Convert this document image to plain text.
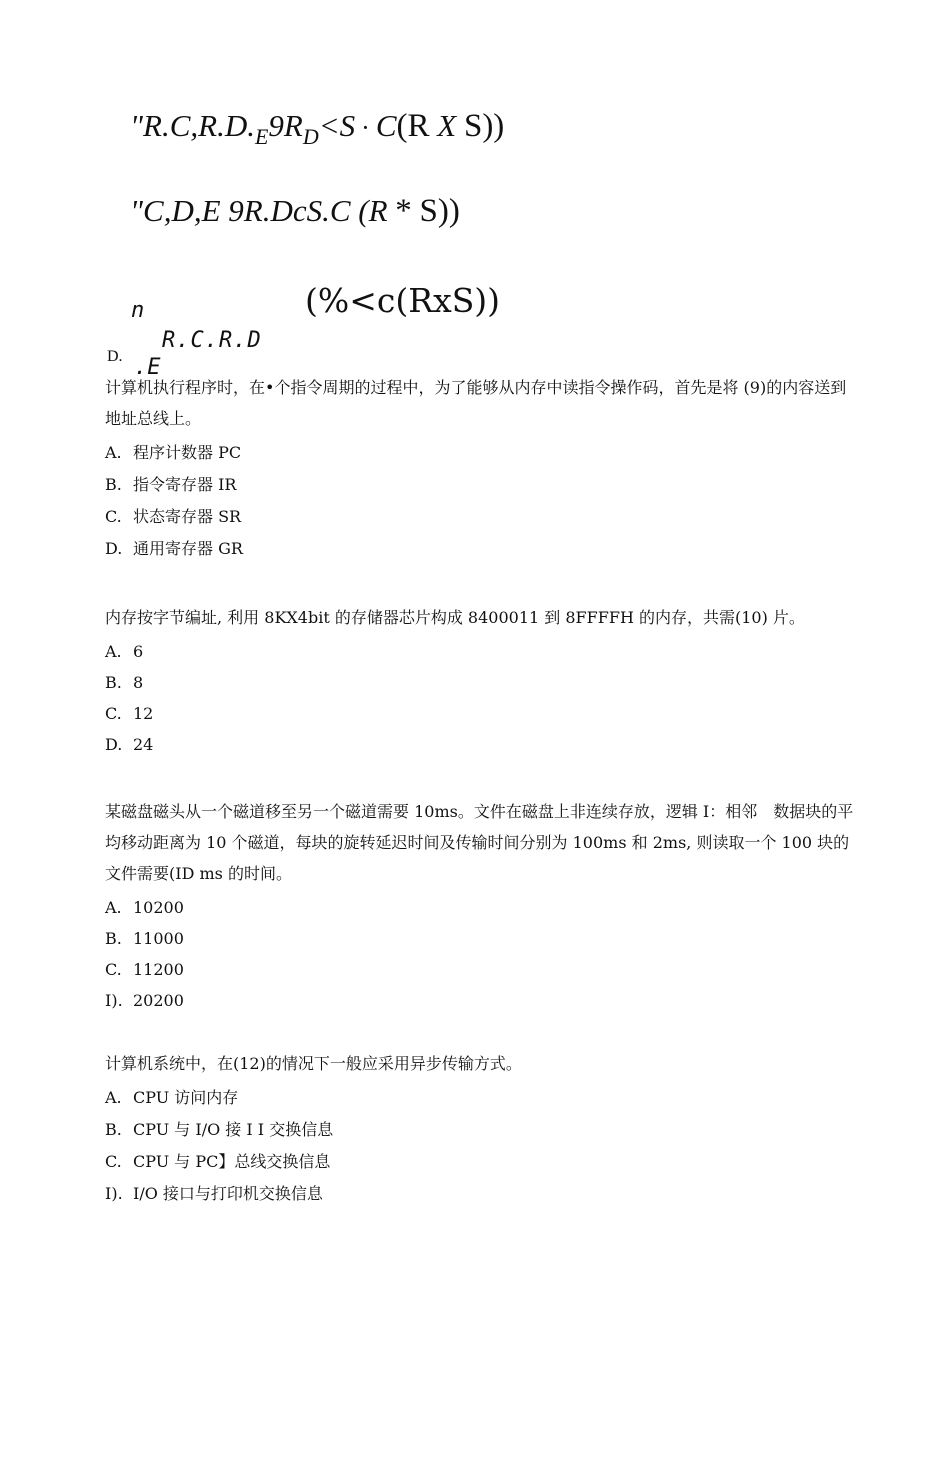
"$R.C,R.D._E9R_D<S \cdot C(R$ X S))
"C,D,E 9R.DcS.C (R * S))
(%<c(RxS))
n
R.C.R.D
D. .E

计算机执行程序时，在•个指令周期的过程中，为了能够从内存中读指令操作码，首先是将 (9)的内容送到地址总线上。

A. 程序计数器 PC

B. 指令寄存器 IR

C. 状态寄存器 SR

D. 通用寄存器 GR

内存按字节编址, 利用 8KX4bit 的存储器芯片构成 8400011 到 8FFFFH 的内存，共需(10) 片。

A. 6

B. 8

C. 12

D. 24

某磁盘磁头从一个磁道移至另一个磁道需要 10ms。文件在磁盘上非连续存放，逻辑 I：相邻　数据块的平均移动距离为 10 个磁道，每块的旋转延迟时间及传输时间分别为 100ms 和 2ms, 则读取一个 100 块的文件需要(ID ms 的时间。

A. 10200

B. 11000

C. 11200

I). 20200

计算机系统中，在(12)的情况下一般应采用异步传输方式。

A. CPU 访问内存

B. CPU 与 I/O 接 I I 交换信息

C. CPU 与 PC】总线交换信息

I). I/O 接口与打印机交换信息
